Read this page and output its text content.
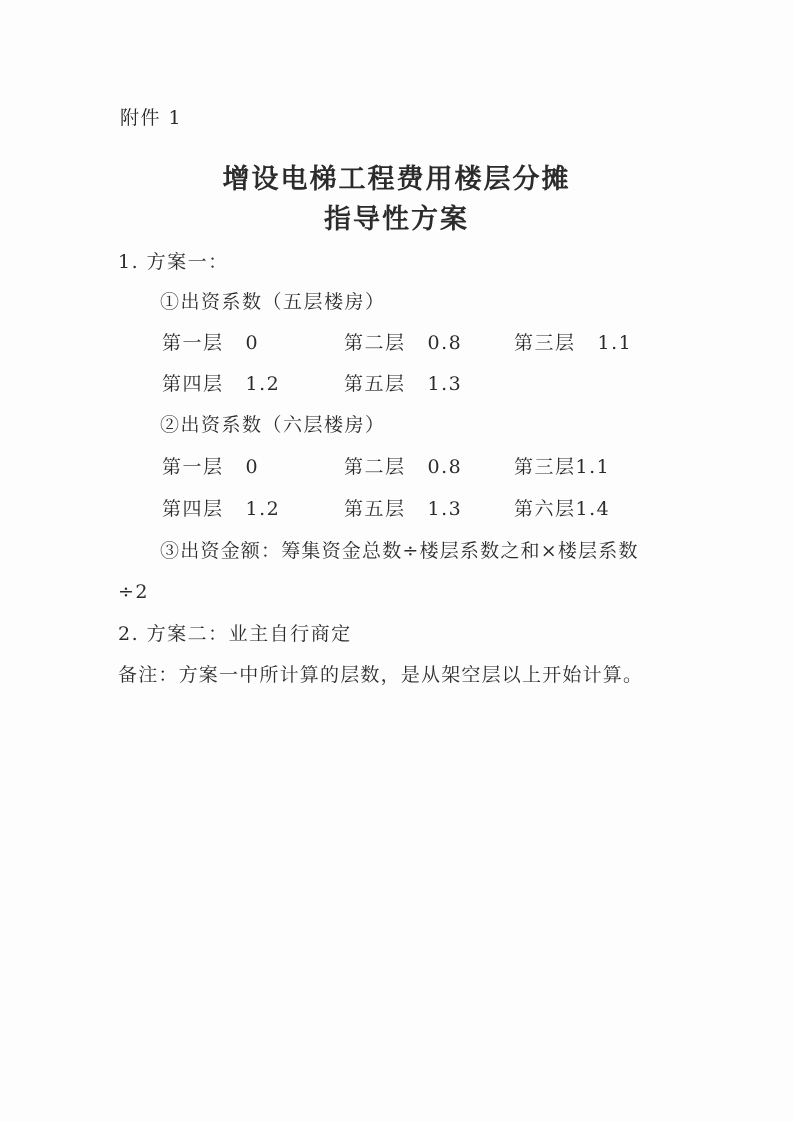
附件 1
增设电梯工程费用楼层分摊
指导性方案
1. 方案一：
①出资系数（五层楼房）
第一层 0	第二层 0.8	第三层 1.1
第四层 1.2	第五层 1.3
②出资系数（六层楼房）
第一层 0	第二层 0.8	第三层1.1
第四层 1.2	第五层 1.3	第六层1.4
③出资金额：筹集资金总数÷楼层系数之和×楼层系数
÷2
2. 方案二：业主自行商定
备注：方案一中所计算的层数，是从架空层以上开始计算。
